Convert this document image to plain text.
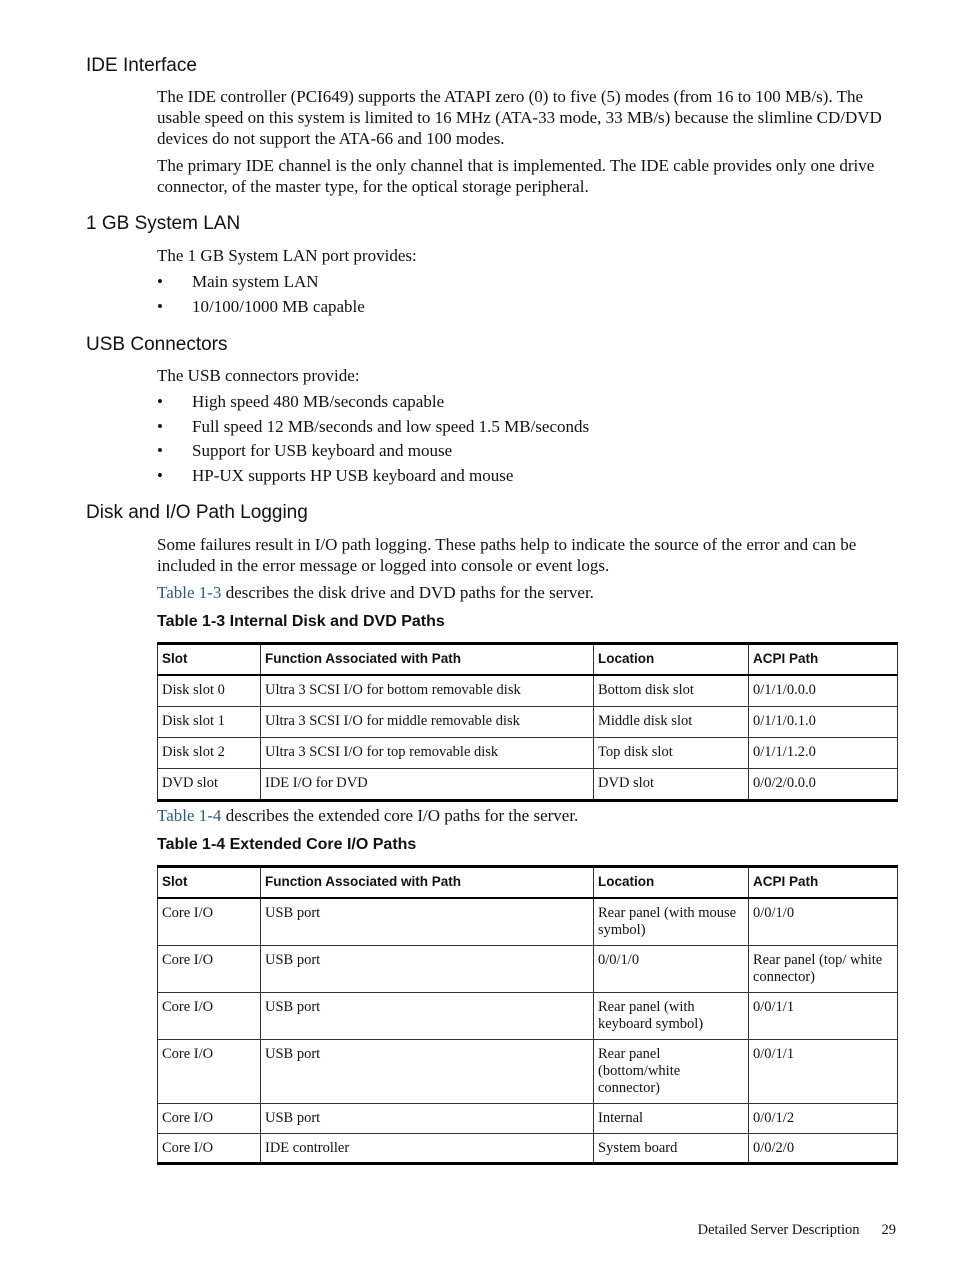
IDE Interface

The IDE controller (PCI649) supports the ATAPI zero (0) to five (5) modes (from 16 to 100 MB/s). The usable speed on this system is limited to 16 MHz (ATA-33 mode, 33 MB/s) because the slimline CD/DVD devices do not support the ATA-66 and 100 modes.

The primary IDE channel is the only channel that is implemented. The IDE cable provides only one drive connector, of the master type, for the optical storage peripheral.

1 GB System LAN

The 1 GB System LAN port provides:

• Main system LAN
• 10/100/1000 MB capable
USB Connectors

The USB connectors provide:

• High speed 480 MB/seconds capable
• Full speed 12 MB/seconds and low speed 1.5 MB/seconds
• Support for USB keyboard and mouse
• HP-UX supports HP USB keyboard and mouse
Disk and I/O Path Logging

Some failures result in I/O path logging. These paths help to indicate the source of the error and can be included in the error message or logged into console or event logs.

Table 1-3 describes the disk drive and DVD paths for the server.

Table 1-3 Internal Disk and DVD Paths

Slot	Function Associated with Path	Location	ACPI Path
Disk slot 0	Ultra 3 SCSI I/O for bottom removable disk	Bottom disk slot	0/1/1/0.0.0
Disk slot 1	Ultra 3 SCSI I/O for middle removable disk	Middle disk slot	0/1/1/0.1.0
Disk slot 2	Ultra 3 SCSI I/O for top removable disk	Top disk slot	0/1/1/1.2.0
DVD slot	IDE I/O for DVD	DVD slot	0/0/2/0.0.0

Table 1-4 describes the extended core I/O paths for the server.

Table 1-4 Extended Core I/O Paths

Slot	Function Associated with Path	Location	ACPI Path
Core I/O	USB port	Rear panel (with mouse symbol)	0/0/1/0
Core I/O	USB port	0/0/1/0	Rear panel (top/ white connector)
Core I/O	USB port	Rear panel (with keyboard symbol)	0/0/1/1
Core I/O	USB port	Rear panel (bottom/white connector)	0/0/1/1
Core I/O	USB port	Internal	0/0/1/2
Core I/O	IDE controller	System board	0/0/2/0
Detailed Server Description 29
